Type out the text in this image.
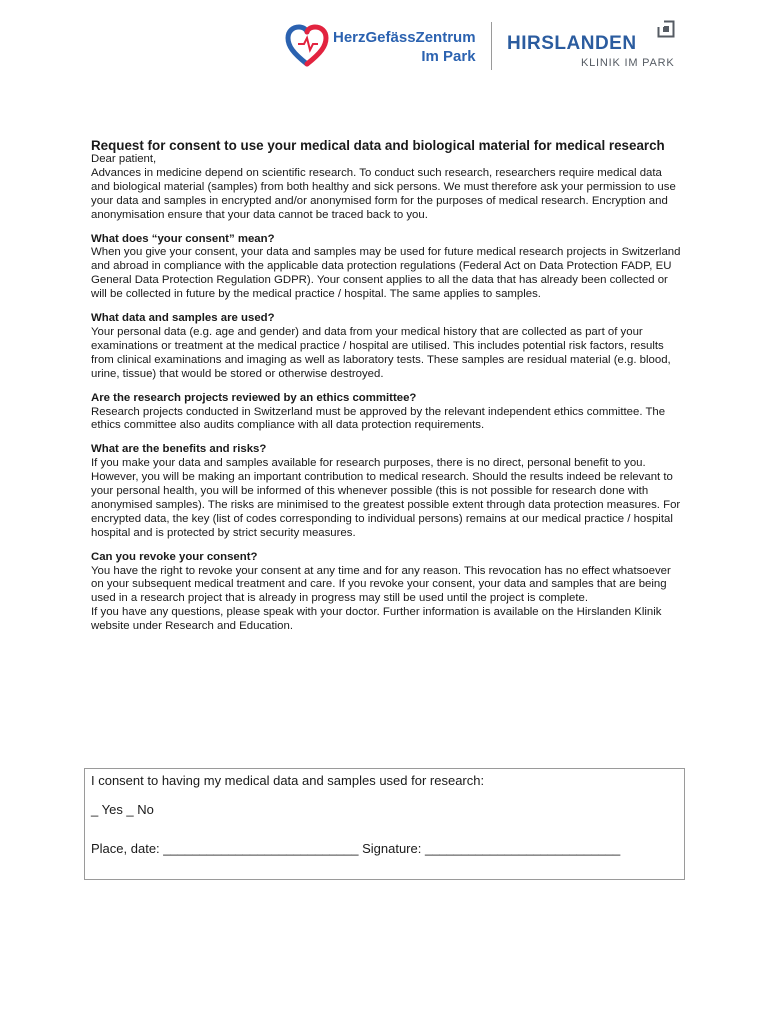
HerzGefässZentrum
Im Park
HIRSLANDEN
KLINIK IM PARK
Request for consent to use your medical data and biological material for medical research

Dear patient,

Advances in medicine depend on scientific research. To conduct such research, researchers require medical data and biological material (samples) from both healthy and sick persons. We must therefore ask your permission to use your data and samples in encrypted and/or anonymised form for the purposes of medical research. Encryption and anonymisation ensure that your data cannot be traced back to you.

What does “your consent” mean?

When you give your consent, your data and samples may be used for future medical research projects in Switzerland and abroad in compliance with the applicable data protection regulations (Federal Act on Data Protection FADP, EU General Data Protection Regulation GDPR). Your consent applies to all the data that has already been collected or will be collected in future by the medical practice / hospital. The same applies to samples.

What data and samples are used?

Your personal data (e.g. age and gender) and data from your medical history that are collected as part of your examinations or treatment at the medical practice / hospital are utilised. This includes potential risk factors, results from clinical examinations and imaging as well as laboratory tests. These samples are residual material (e.g. blood, urine, tissue) that would be stored or otherwise destroyed.

Are the research projects reviewed by an ethics committee?

Research projects conducted in Switzerland must be approved by the relevant independent ethics committee. The ethics committee also audits compliance with all data protection requirements.

What are the benefits and risks?

If you make your data and samples available for research purposes, there is no direct, personal benefit to you. However, you will be making an important contribution to medical research. Should the results indeed be relevant to your personal health, you will be informed of this whenever possible (this is not possible for research done with anonymised samples). The risks are minimised to the greatest possible extent through data protection measures. For encrypted data, the key (list of codes corresponding to individual persons) remains at our medical practice / hospital hospital and is protected by strict security measures.

Can you revoke your consent?

You have the right to revoke your consent at any time and for any reason. This revocation has no effect whatsoever on your subsequent medical treatment and care. If you revoke your consent, your data and samples that are being used in a research project that is already in progress may still be used until the project is complete.

If you have any questions, please speak with your doctor. Further information is available on the Hirslanden Klinik website under Research and Education.

I consent to having my medical data and samples used for research:

_ Yes _ No

Place, date: ___________________________ Signature: ___________________________
